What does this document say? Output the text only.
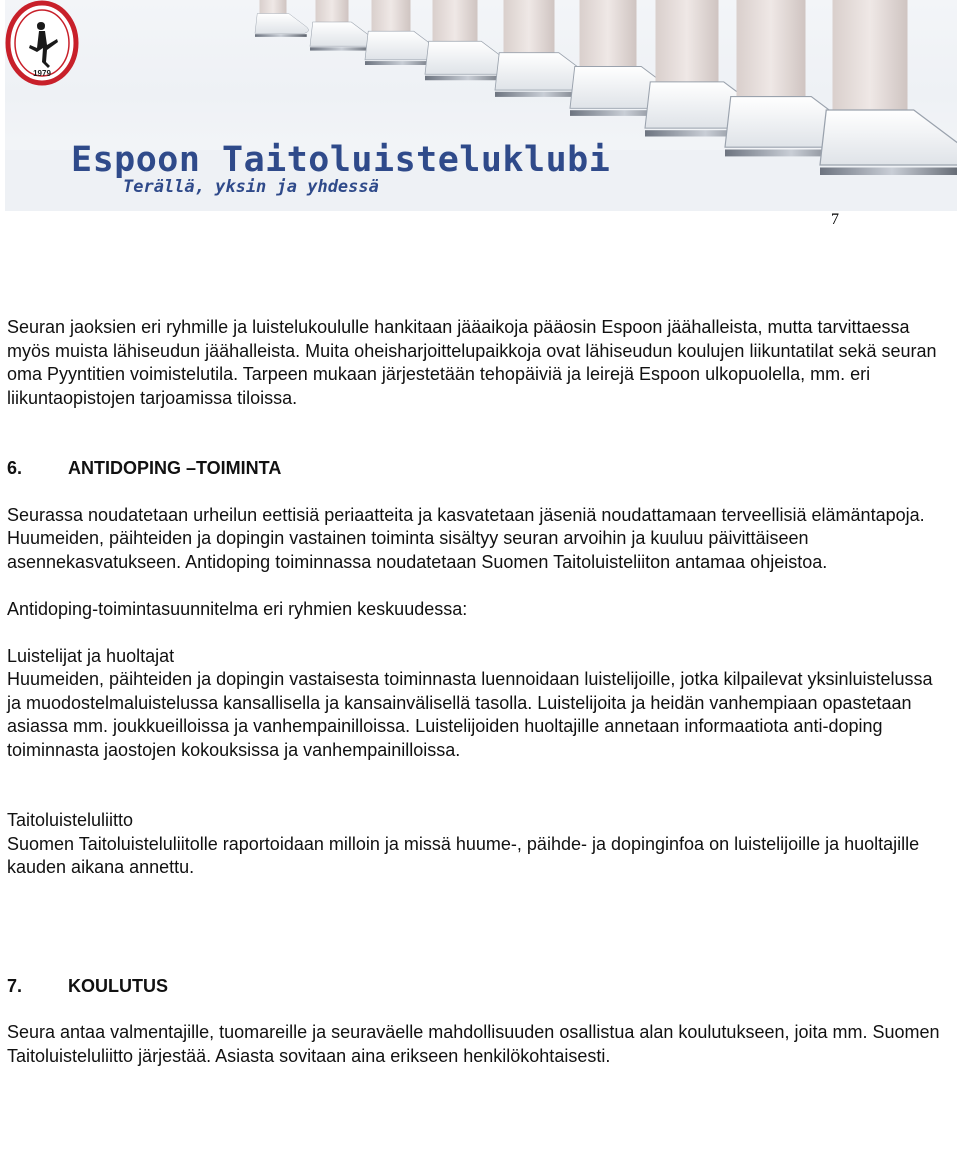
1979
Espoon Taitoluisteluklubi
Terällä, yksin ja yhdessä
7

Seuran jaoksien eri ryhmille ja luistelukoululle hankitaan jääaikoja pääosin Espoon jäähalleista, mutta tarvittaessa myös muista lähiseudun jäähalleista. Muita oheisharjoittelupaikkoja ovat lähiseudun koulujen liikuntatilat sekä seuran oma Pyyntitien voimistelutila. Tarpeen mukaan järjestetään tehopäiviä ja leirejä Espoon ulkopuolella, mm. eri liikuntaopistojen tarjoamissa tiloissa.

6.	ANTIDOPING –TOIMINTA

Seurassa noudatetaan urheilun eettisiä periaatteita ja kasvatetaan jäseniä noudattamaan terveellisiä elämäntapoja. Huumeiden, päihteiden ja dopingin vastainen toiminta sisältyy seuran arvoihin ja kuuluu päivittäiseen asennekasvatukseen. Antidoping toiminnassa noudatetaan Suomen Taitoluisteliiton antamaa ohjeistoa.

Antidoping-toimintasuunnitelma eri ryhmien keskuudessa:

Luistelijat ja huoltajat

Huumeiden, päihteiden ja dopingin vastaisesta toiminnasta luennoidaan luistelijoille, jotka kilpailevat yksinluistelussa ja muodostelmaluistelussa kansallisella ja kansainvälisellä tasolla. Luistelijoita ja heidän vanhempiaan opastetaan asiassa mm. joukkueilloissa ja vanhempainilloissa. Luistelijoiden huoltajille annetaan informaatiota anti-doping toiminnasta jaostojen kokouksissa ja vanhempainilloissa.

Taitoluisteluliitto

Suomen Taitoluisteluliitolle raportoidaan milloin ja missä huume-, päihde- ja dopinginfoa on luistelijoille ja huoltajille kauden aikana annettu.

7.	KOULUTUS

Seura antaa valmentajille, tuomareille ja seuraväelle mahdollisuuden osallistua alan koulutukseen, joita mm. Suomen Taitoluisteluliitto järjestää. Asiasta sovitaan aina erikseen henkilökohtaisesti.
